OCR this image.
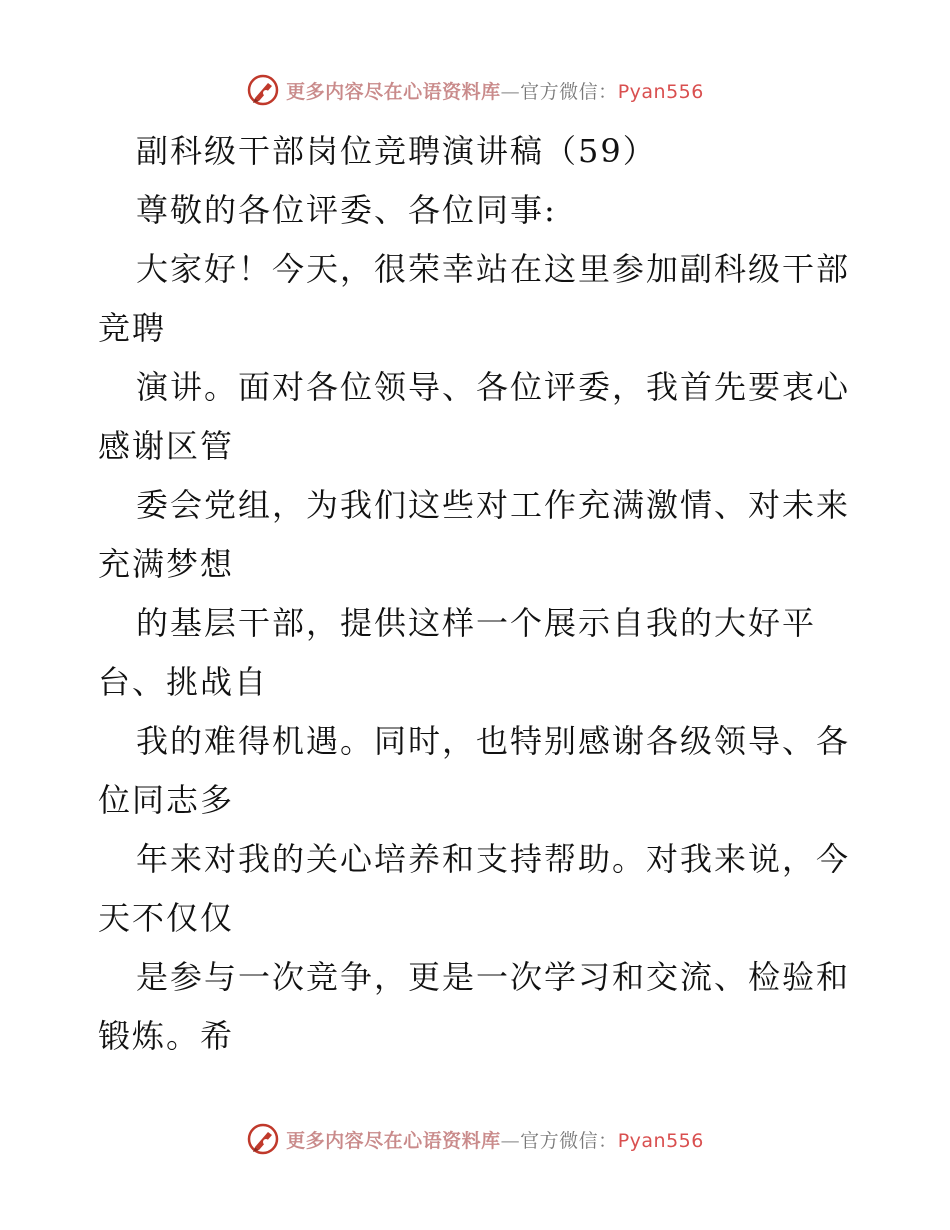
更多内容尽在心语资料库—官方微信：Pyan556
副科级干部岗位竞聘演讲稿（59）
尊敬的各位评委、各位同事:
大家好！今天，很荣幸站在这里参加副科级干部
竞聘
演讲。面对各位领导、各位评委，我首先要衷心
感谢区管
委会党组，为我们这些对工作充满激情、对未来
充满梦想
的基层干部，提供这样一个展示自我的大好平
台、挑战自
我的难得机遇。同时，也特别感谢各级领导、各
位同志多
年来对我的关心培养和支持帮助。对我来说，今
天不仅仅
是参与一次竞争，更是一次学习和交流、检验和
锻炼。希
更多内容尽在心语资料库—官方微信：Pyan556
